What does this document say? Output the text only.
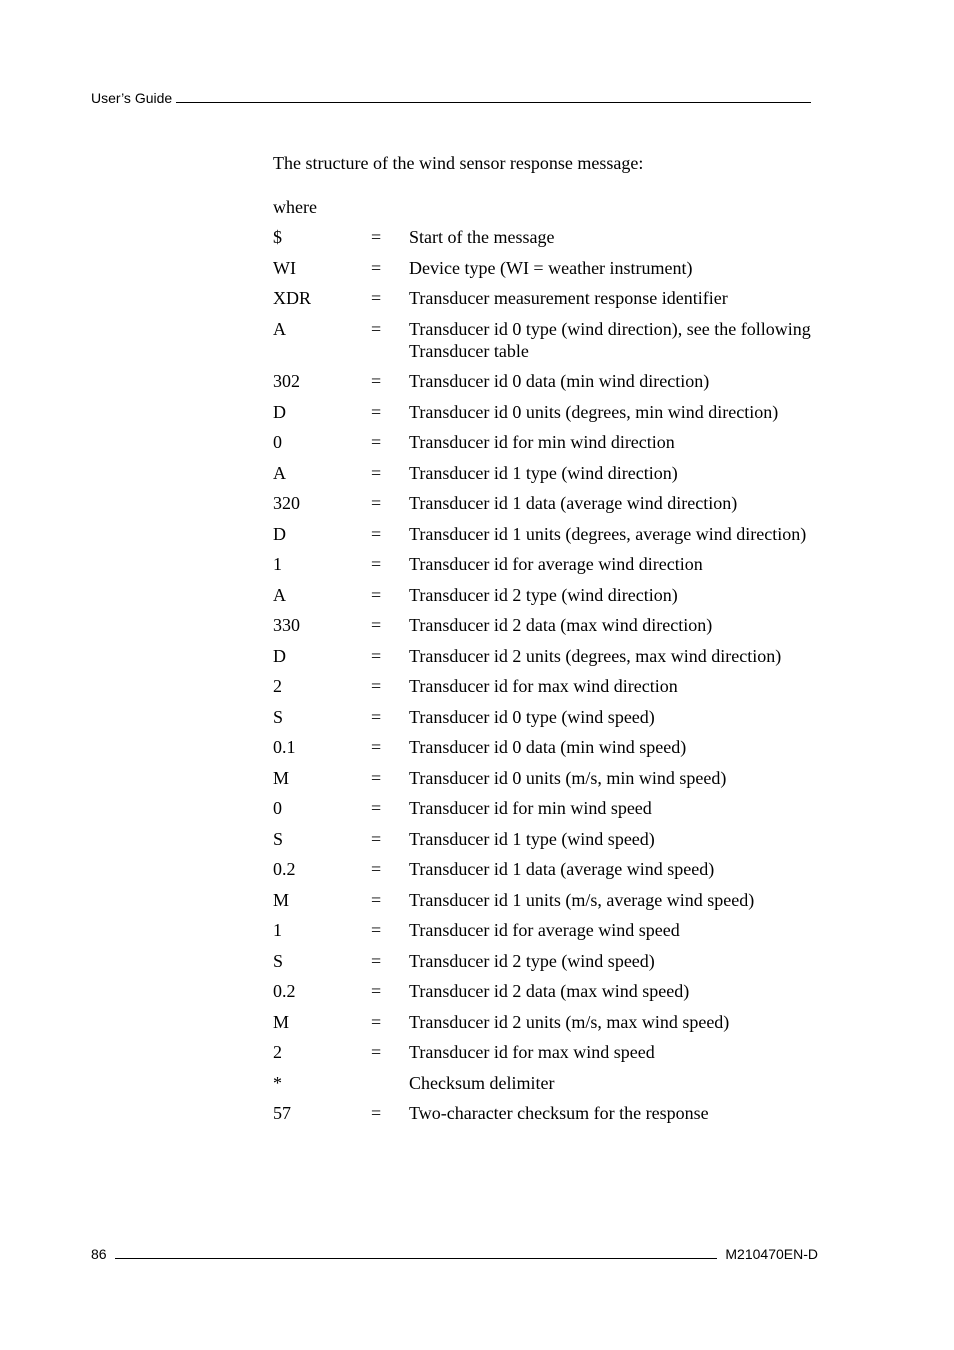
User’s Guide

The structure of the wind sensor response message:

where

$	=	Start of the message
WI	=	Device type (WI = weather instrument)
XDR	=	Transducer measurement response identifier
A	=	Transducer id 0 type (wind direction), see the following Transducer table
302	=	Transducer id 0 data (min wind direction)
D	=	Transducer id 0 units (degrees, min wind direction)
0	=	Transducer id for min wind direction
A	=	Transducer id 1 type (wind direction)
320	=	Transducer id 1 data (average wind direction)
D	=	Transducer id 1 units (degrees, average wind direction)
1	=	Transducer id for average wind direction
A	=	Transducer id 2 type (wind direction)
330	=	Transducer id 2 data (max wind direction)
D	=	Transducer id 2 units (degrees, max wind direction)
2	=	Transducer id for max wind direction
S	=	Transducer id 0 type (wind speed)
0.1	=	Transducer id 0 data (min wind speed)
M	=	Transducer id 0 units (m/s, min wind speed)
0	=	Transducer id for min wind speed
S	=	Transducer id 1 type (wind speed)
0.2	=	Transducer id 1 data (average wind speed)
M	=	Transducer id 1 units (m/s, average wind speed)
1	=	Transducer id for average wind speed
S	=	Transducer id 2 type (wind speed)
0.2	=	Transducer id 2 data (max wind speed)
M	=	Transducer id 2 units (m/s, max wind speed)
2	=	Transducer id for max wind speed
*	Checksum delimiter
57	=	Two-character checksum for the response
86	M210470EN-D
